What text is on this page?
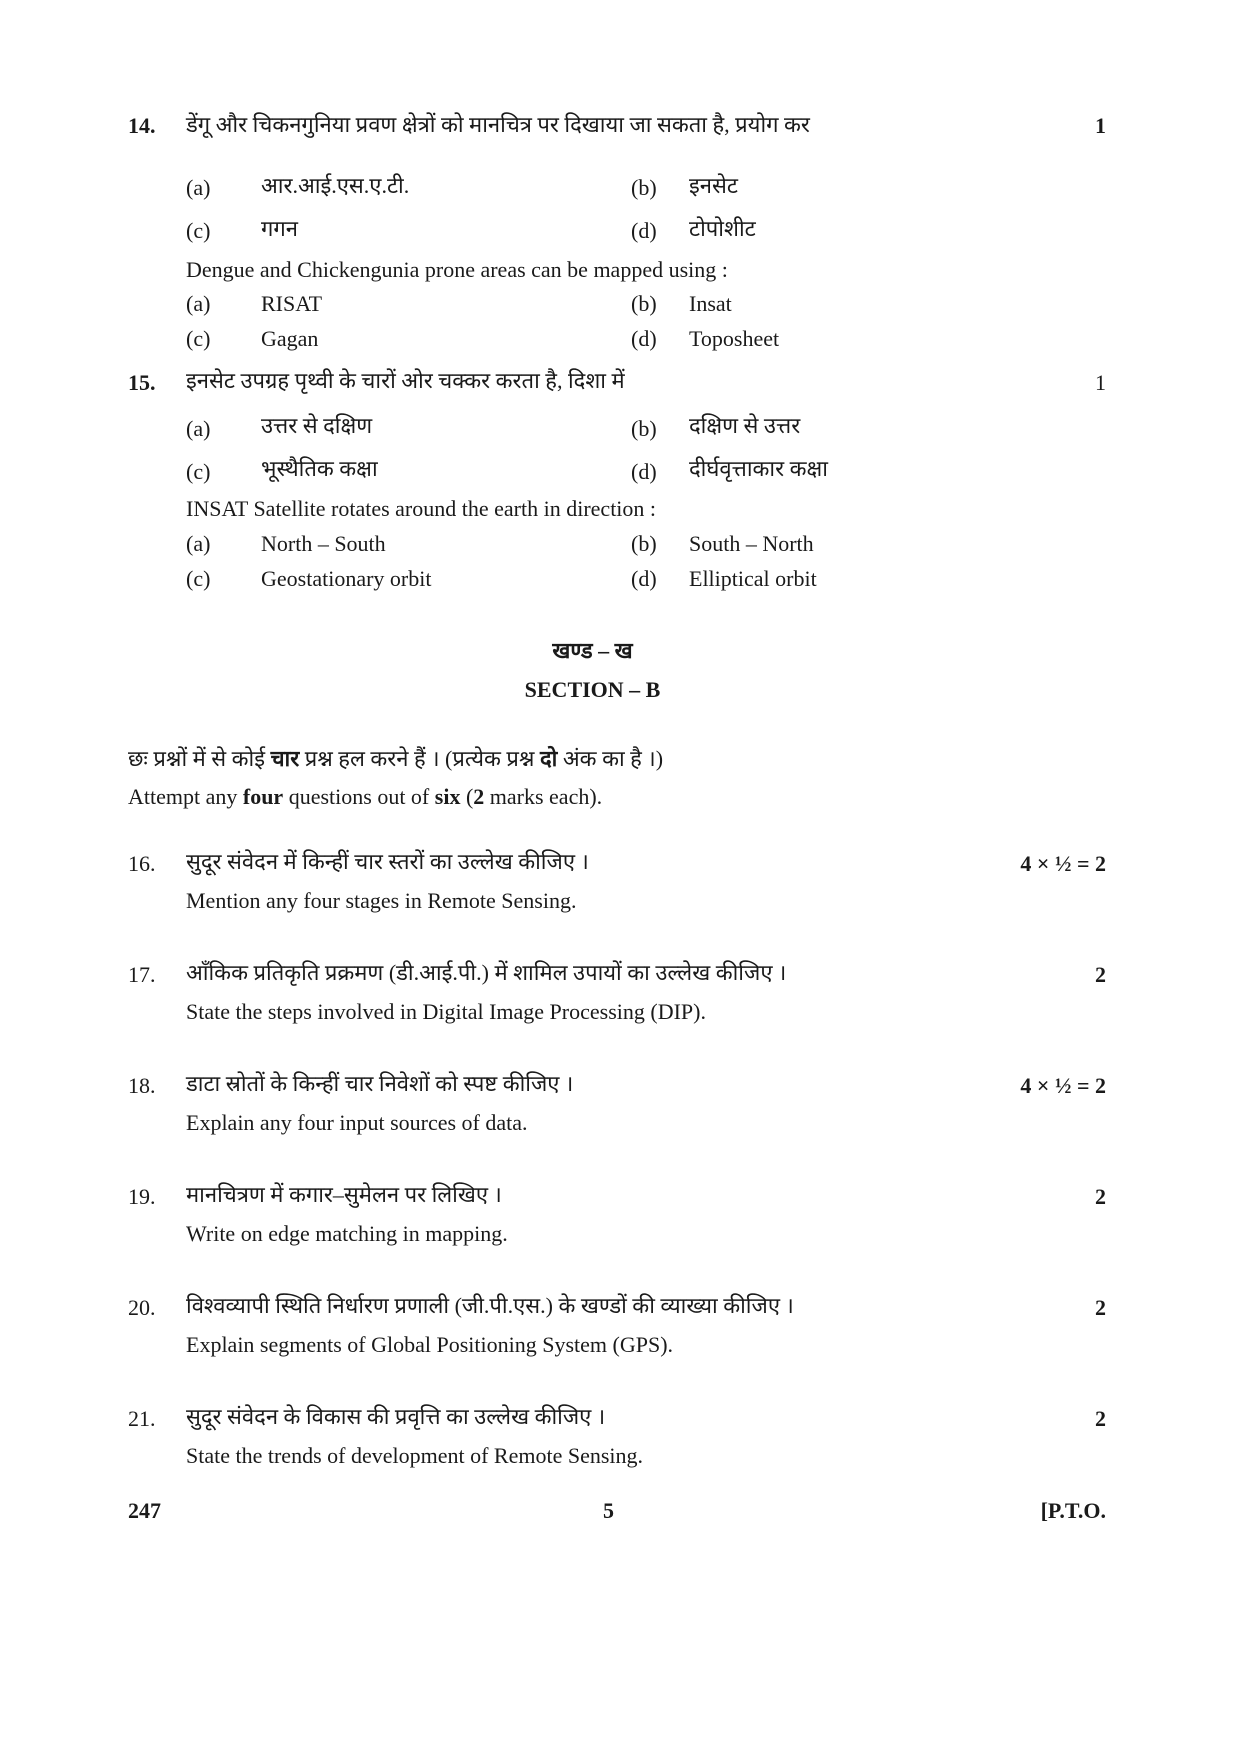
14. डेंगू और चिकनगुनिया प्रवण क्षेत्रों को मानचित्र पर दिखाया जा सकता है, प्रयोग कर	1
(a) आर.आई.एस.ए.टी.	(b) इनसेट
(c) गगन	(d) टोपोशीट
Dengue and Chickengunia prone areas can be mapped using :
(a) RISAT	(b) Insat
(c) Gagan	(d) Toposheet
15. इनसेट उपग्रह पृथ्वी के चारों ओर चक्कर करता है, दिशा में	1
(a) उत्तर से दक्षिण	(b) दक्षिण से उत्तर
(c) भूस्थैतिक कक्षा	(d) दीर्घवृत्ताकार कक्षा
INSAT Satellite rotates around the earth in direction :
(a) North – South	(b) South – North
(c) Geostationary orbit	(d) Elliptical orbit
खण्ड – ख
SECTION – B
छः प्रश्नों में से कोई चार प्रश्न हल करने हैं । (प्रत्येक प्रश्न दो अंक का है ।)
Attempt any four questions out of six (2 marks each).
16. सुदूर संवेदन में किन्हीं चार स्तरों का उल्लेख कीजिए ।	4 × ½ = 2
Mention any four stages in Remote Sensing.
17. आँकिक प्रतिकृति प्रक्रमण (डी.आई.पी.) में शामिल उपायों का उल्लेख कीजिए ।	2
State the steps involved in Digital Image Processing (DIP).
18. डाटा स्रोतों के किन्हीं चार निवेशों को स्पष्ट कीजिए ।	4 × ½ = 2
Explain any four input sources of data.
19. मानचित्रण में कगार–सुमेलन पर लिखिए ।	2
Write on edge matching in mapping.
20. विश्वव्यापी स्थिति निर्धारण प्रणाली (जी.पी.एस.) के खण्डों की व्याख्या कीजिए ।	2
Explain segments of Global Positioning System (GPS).
21. सुदूर संवेदन के विकास की प्रवृत्ति का उल्लेख कीजिए ।	2
State the trends of development of Remote Sensing.
247	5	[P.T.O.
